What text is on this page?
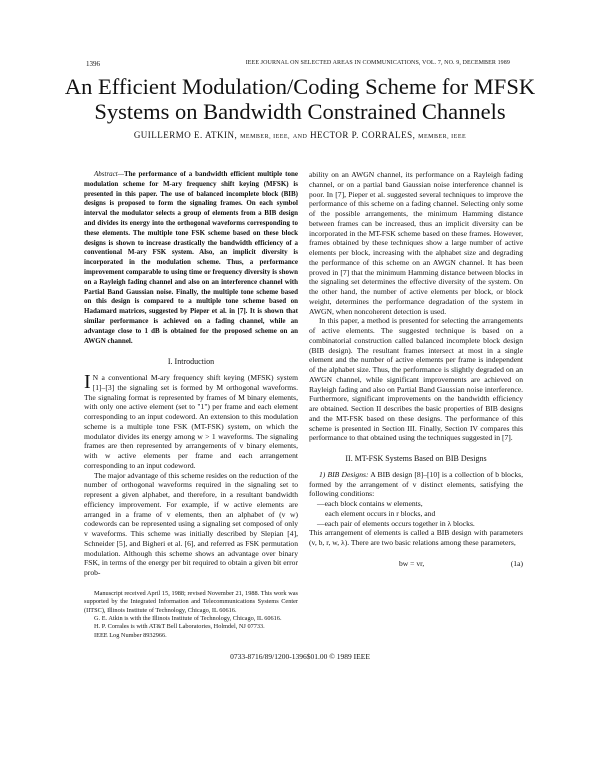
1396	IEEE JOURNAL ON SELECTED AREAS IN COMMUNICATIONS, VOL. 7, NO. 9, DECEMBER 1989
An Efficient Modulation/Coding Scheme for MFSK
Systems on Bandwidth Constrained Channels
GUILLERMO E. ATKIN, MEMBER, IEEE, AND HECTOR P. CORRALES, MEMBER, IEEE

Abstract—The performance of a bandwidth efficient multiple tone modulation scheme for M-ary frequency shift keying (MFSK) is presented in this paper. The use of balanced incomplete block (BIB) designs is proposed to form the signaling frames. On each symbol interval the modulator selects a group of elements from a BIB design and divides its energy into the orthogonal waveforms corresponding to these elements. The multiple tone FSK scheme based on these block designs is shown to increase drastically the bandwidth efficiency of a conventional M-ary FSK system. Also, an implicit diversity is incorporated in the modulation scheme. Thus, a performance improvement comparable to using time or frequency diversity is shown on a Rayleigh fading channel and also on an interference channel with Partial Band Gaussian noise. Finally, the multiple tone scheme based on this design is compared to a multiple tone scheme based on Hadamard matrices, suggested by Pieper et al. in [7]. It is shown that similar performance is achieved on a fading channel, while an advantage close to 1 dB is obtained for the proposed scheme on an AWGN channel.

I. Introduction

I N a conventional M-ary frequency shift keying (MFSK) system [1]–[3] the signaling set is formed by M orthogonal waveforms. The signaling format is represented by frames of M binary elements, with only one active element (set to "1") per frame and each element corresponding to an input codeword. An extension to this modulation scheme is a multiple tone FSK (MT-FSK) system, on which the modulator divides its energy among w > 1 waveforms. The signaling frames are then represented by arrangements of v binary elements, with w active elements per frame and each arrangement corresponding to an input codeword.

The major advantage of this scheme resides on the reduction of the number of orthogonal waveforms required in the signaling set to represent a given alphabet, and therefore, in a resultant bandwidth efficiency improvement. For example, if w active elements are arranged in a frame of v elements, then an alphabet of (v w) codewords can be represented using a signaling set composed of only v waveforms. This scheme was initially described by Slepian [4], Schneider [5], and Bigheri et al. [6], and referred as FSK permutation modulation. Although this scheme shows an advantage over binary FSK, in terms of the energy per bit required to obtain a given bit error prob-

Manuscript received April 15, 1988; revised November 21, 1988. This work was supported by the Integrated Information and Telecommunications Systems Center (IITSC), Illinois Institute of Technology, Chicago, IL 60616.

G. E. Atkin is with the Illinois Institute of Technology, Chicago, IL 60616.

H. P. Corrales is with AT&T Bell Laboratories, Holmdel, NJ 07733.

IEEE Log Number 8932966.

ability on an AWGN channel, its performance on a Rayleigh fading channel, or on a partial band Gaussian noise interference channel is poor. In [7], Pieper et al. suggested several techniques to improve the performance of this scheme on a fading channel. Selecting only some of the possible arrangements, the minimum Hamming distance between frames can be increased, thus an implicit diversity can be incorporated in the MT-FSK scheme based on these frames. However, frames obtained by these techniques show a large number of active elements per block, increasing with the alphabet size and degrading the performance of this scheme on an AWGN channel. It has been proved in [7] that the minimum Hamming distance between blocks in the signaling set determines the effective diversity of the system. On the other hand, the number of active elements per block, or block weight, determines the performance degradation of the system in AWGN, when noncoherent detection is used.

In this paper, a method is presented for selecting the arrangements of active elements. The suggested technique is based on a combinatorial construction called balanced incomplete block design (BIB design). The resultant frames intersect at most in a single element and the number of active elements per frame is independent of the alphabet size. Thus, the performance is slightly degraded on an AWGN channel, while significant improvements are achieved on Rayleigh fading and also on Partial Band Gaussian noise interference. Furthermore, significant improvements on the bandwidth efficiency are obtained. Section II describes the basic properties of BIB designs and the MT-FSK based on these designs. The performance of this scheme is presented in Section III. Finally, Section IV compares this performance to that obtained using the techniques suggested in [7].

II. MT-FSK Systems Based on BIB Designs

1) BIB Designs: A BIB design [8]–[10] is a collection of b blocks, formed by the arrangement of v distinct elements, satisfying the following conditions:

—each block contains w elements,
each element occurs in r blocks, and
—each pair of elements occurs together in λ blocks.

This arrangement of elements is called a BIB design with parameters (v, b, r, w, λ). There are two basic relations among these parameters,

bw = vr,	(1a)
0733-8716/89/1200-1396$01.00 © 1989 IEEE
